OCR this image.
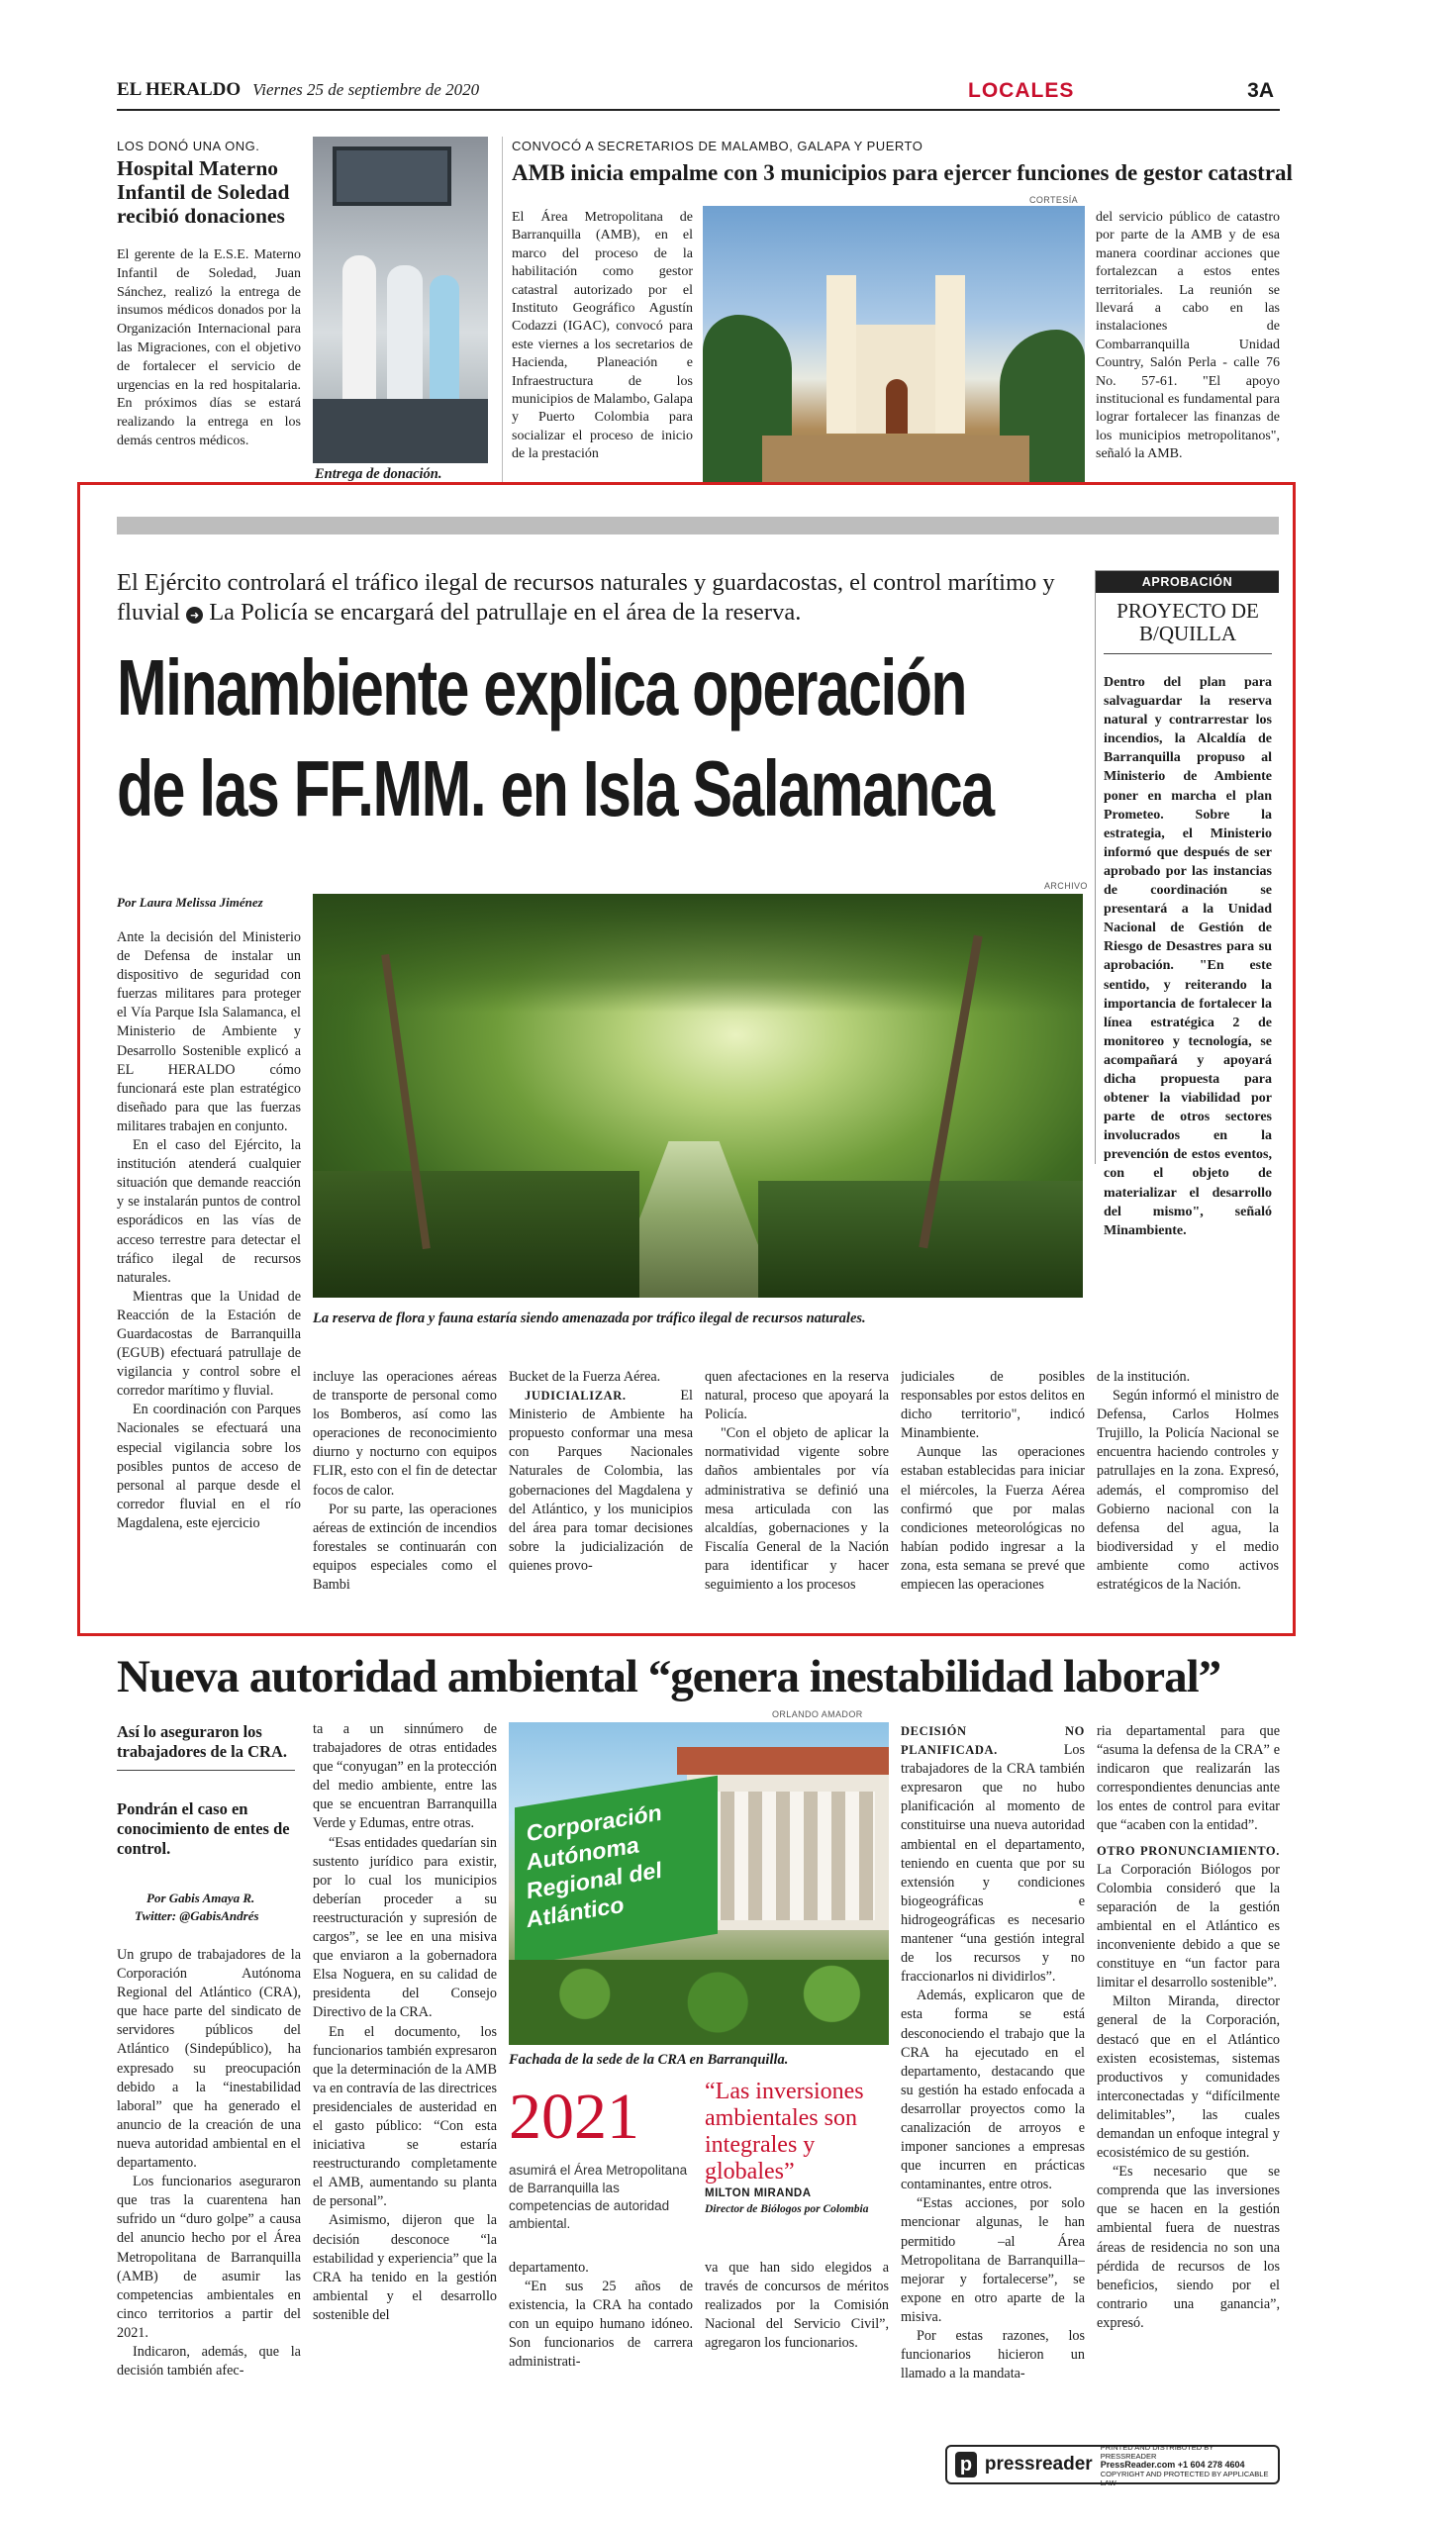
EL HERALDO Viernes 25 de septiembre de 2020	LOCALES	3A
LOS DONÓ UNA ONG.
Hospital Materno Infantil de Soledad recibió donaciones

El gerente de la E.S.E. Materno Infantil de Soledad, Juan Sánchez, realizó la entrega de insumos médicos donados por la Organización Internacional para las Migraciones, con el objetivo de fortalecer el servicio de urgencias en la red hospitalaria. En próximos días se estará realizando la entrega en los demás centros médicos.

Entrega de donación.
CONVOCÓ A SECRETARIOS DE MALAMBO, GALAPA Y PUERTO
AMB inicia empalme con 3 municipios para ejercer funciones de gestor catastral
CORTESÍA

El Área Metropolitana de Barranquilla (AMB), en el marco del proceso de la habilitación como gestor catastral autorizado por el Instituto Geográfico Agustín Codazzi (IGAC), convocó para este viernes a los secretarios de Hacienda, Planeación e Infraestructura de los municipios de Malambo, Galapa y Puerto Colombia para socializar el proceso de inicio de la prestación

del servicio público de catastro por parte de la AMB y de esa manera coordinar acciones que fortalezcan a estos entes territoriales. La reunión se llevará a cabo en las instalaciones de Combarranquilla Unidad Country, Salón Perla - calle 76 No. 57-61. "El apoyo institucional es fundamental para lograr fortalecer las finanzas de los municipios metropolitanos", señaló la AMB.

El Ejército controlará el tráfico ilegal de recursos naturales y guardacostas, el control marítimo y fluvial ➜ La Policía se encargará del patrullaje en el área de la reserva.
Minambiente explica operación
de las FF.MM. en Isla Salamanca
ARCHIVO
Por Laura Melissa Jiménez

Ante la decisión del Ministerio de Defensa de instalar un dispositivo de seguridad con fuerzas militares para proteger el Vía Parque Isla Salamanca, el Ministerio de Ambiente y Desarrollo Sostenible explicó a EL HERALDO cómo funcionará este plan estratégico diseñado para que las fuerzas militares trabajen en conjunto.

En el caso del Ejército, la institución atenderá cualquier situación que demande reacción y se instalarán puntos de control esporádicos en las vías de acceso terrestre para detectar el tráfico ilegal de recursos naturales.

Mientras que la Unidad de Reacción de la Estación de Guardacostas de Barranquilla (EGUB) efectuará patrullaje de vigilancia y control sobre el corredor marítimo y fluvial.

En coordinación con Parques Nacionales se efectuará una especial vigilancia sobre los posibles puntos de acceso de personal al parque desde el corredor fluvial en el río Magdalena, este ejercicio

La reserva de flora y fauna estaría siendo amenazada por tráfico ilegal de recursos naturales.
APROBACIÓN
PROYECTO DE B/QUILLA

Dentro del plan para salvaguardar la reserva natural y contrarrestar los incendios, la Alcaldía de Barranquilla propuso al Ministerio de Ambiente poner en marcha el plan Prometeo. Sobre la estrategia, el Ministerio informó que después de ser aprobado por las instancias de coordinación se presentará a la Unidad Nacional de Gestión de Riesgo de Desastres para su aprobación. "En este sentido, y reiterando la importancia de fortalecer la línea estratégica 2 de monitoreo y tecnología, se acompañará y apoyará dicha propuesta para obtener la viabilidad por parte de otros sectores involucrados en la prevención de estos eventos, con el objeto de materializar el desarrollo del mismo", señaló Minambiente.

incluye las operaciones aéreas de transporte de personal como los Bomberos, así como las operaciones de reconocimiento diurno y nocturno con equipos FLIR, esto con el fin de detectar focos de calor.

Por su parte, las operaciones aéreas de extinción de incendios forestales se continuarán con equipos especiales como el Bambi

Bucket de la Fuerza Aérea.

JUDICIALIZAR.	El Ministerio de Ambiente ha propuesto conformar una mesa con Parques Nacionales Naturales de Colombia, las gobernaciones del Magdalena y del Atlántico, y los municipios del área para tomar decisiones sobre la judicialización de quienes provo-

quen afectaciones en la reserva natural, proceso que apoyará la Policía.

"Con el objeto de aplicar la normatividad vigente sobre daños ambientales por vía administrativa se definió una mesa articulada con las alcaldías, gobernaciones y la Fiscalía General de la Nación para identificar y hacer seguimiento a los procesos

judiciales de posibles responsables por estos delitos en dicho territorio", indicó Minambiente.

Aunque las operaciones estaban establecidas para iniciar el miércoles, la Fuerza Aérea confirmó que por malas condiciones meteorológicas no habían podido ingresar a la zona, esta semana se prevé que empiecen las operaciones

de la institución.

Según informó el ministro de Defensa, Carlos Holmes Trujillo, la Policía Nacional se encuentra haciendo controles y patrullajes en la zona. Expresó, además, el compromiso del Gobierno nacional con la defensa del agua, la biodiversidad y el medio ambiente como activos estratégicos de la Nación.

Nueva autoridad ambiental “genera inestabilidad laboral”
Así lo aseguraron los trabajadores de la CRA.
Pondrán el caso en conocimiento de entes de control.
Por Gabis Amaya R.
Twitter: @GabisAndrés

Un grupo de trabajadores de la Corporación Autónoma Regional del Atlántico (CRA), que hace parte del sindicato de servidores públicos del Atlántico (Sindepúblico), ha expresado su preocupación debido a la “inestabilidad laboral” que ha generado el anuncio de la creación de una nueva autoridad ambiental en el departamento.

Los funcionarios aseguraron que tras la cuarentena han sufrido un “duro golpe” a causa del anuncio hecho por el Área Metropolitana de Barranquilla (AMB) de asumir las competencias ambientales en cinco territorios a partir del 2021.

Indicaron, además, que la decisión también afec-

ta a un sinnúmero de trabajadores de otras entidades que “conyugan” en la protección del medio ambiente, entre las que se encuentran Barranquilla Verde y Edumas, entre otras.

“Esas entidades quedarían sin sustento jurídico para existir, por lo cual los municipios deberían proceder a su reestructuración y supresión de cargos”, se lee en una misiva que enviaron a la gobernadora Elsa Noguera, en su calidad de presidenta del Consejo Directivo de la CRA.

En el documento, los funcionarios también expresaron que la determinación de la AMB va en contravía de las directrices presidenciales de austeridad en el gasto público: “Con esta iniciativa se estaría reestructurando completamente el AMB, aumentando su planta de personal”.

Asimismo, dijeron que la decisión desconoce “la estabilidad y experiencia” que la CRA ha tenido en la gestión ambiental y el desarrollo sostenible del

ORLANDO AMADOR
Corporación Autónoma Regional del Atlántico
Fachada de la sede de la CRA en Barranquilla.
2021
asumirá el Área Metropolitana de Barranquilla las competencias de autoridad ambiental.
“Las inversiones ambientales son integrales y globales”
MILTON MIRANDA
Director de Biólogos por Colombia

departamento.

“En sus 25 años de existencia, la CRA ha contado con un equipo humano idóneo. Son funcionarios de carrera administrati-

va que han sido elegidos a través de concursos de méritos realizados por la Comisión Nacional del Servicio Civil”, agregaron los funcionarios.

DECISIÓN NO PLANIFICADA.	Los trabajadores de la CRA también expresaron que no hubo planificación al momento de constituirse una nueva autoridad ambiental en el departamento, teniendo en cuenta que por su extensión y condiciones biogeográficas e hidrogeográficas es necesario mantener “una gestión integral de los recursos y no fraccionarlos ni dividirlos”.

Además, explicaron que de esta forma se está desconociendo el trabajo que la CRA ha ejecutado en el departamento, destacando que su gestión ha estado enfocada a desarrollar proyectos como la canalización de arroyos e imponer sanciones a empresas que incurren en prácticas contaminantes, entre otros.

“Estas acciones, por solo mencionar algunas, le han permitido –al Área Metropolitana de Barranquilla– mejorar y fortalecerse”, se expone en otro aparte de la misiva.

Por estas razones, los funcionarios hicieron un llamado a la mandata-

ria departamental para que “asuma la defensa de la CRA” e indicaron que realizarán las correspondientes denuncias ante los entes de control para evitar que “acaben con la entidad”.

OTRO PRONUNCIAMIENTO. La Corporación Biólogos por Colombia consideró que la separación de la gestión ambiental en el Atlántico es inconveniente debido a que se constituye en “un factor para limitar el desarrollo sostenible”.

Milton Miranda, director general de la Corporación, destacó que en el Atlántico existen ecosistemas, sistemas productivos y comunidades interconectadas y “difícilmente delimitables”, las cuales demandan un enfoque integral y ecosistémico de su gestión.

“Es necesario que se comprenda que las inversiones que se hacen en la gestión ambiental fuera de nuestras áreas de residencia no son una pérdida de recursos de los beneficios, siendo por el contrario una ganancia”, expresó.

p pressreader
PRINTED AND DISTRIBUTED BY PRESSREADER
PressReader.com +1 604 278 4604
COPYRIGHT AND PROTECTED BY APPLICABLE LAW
